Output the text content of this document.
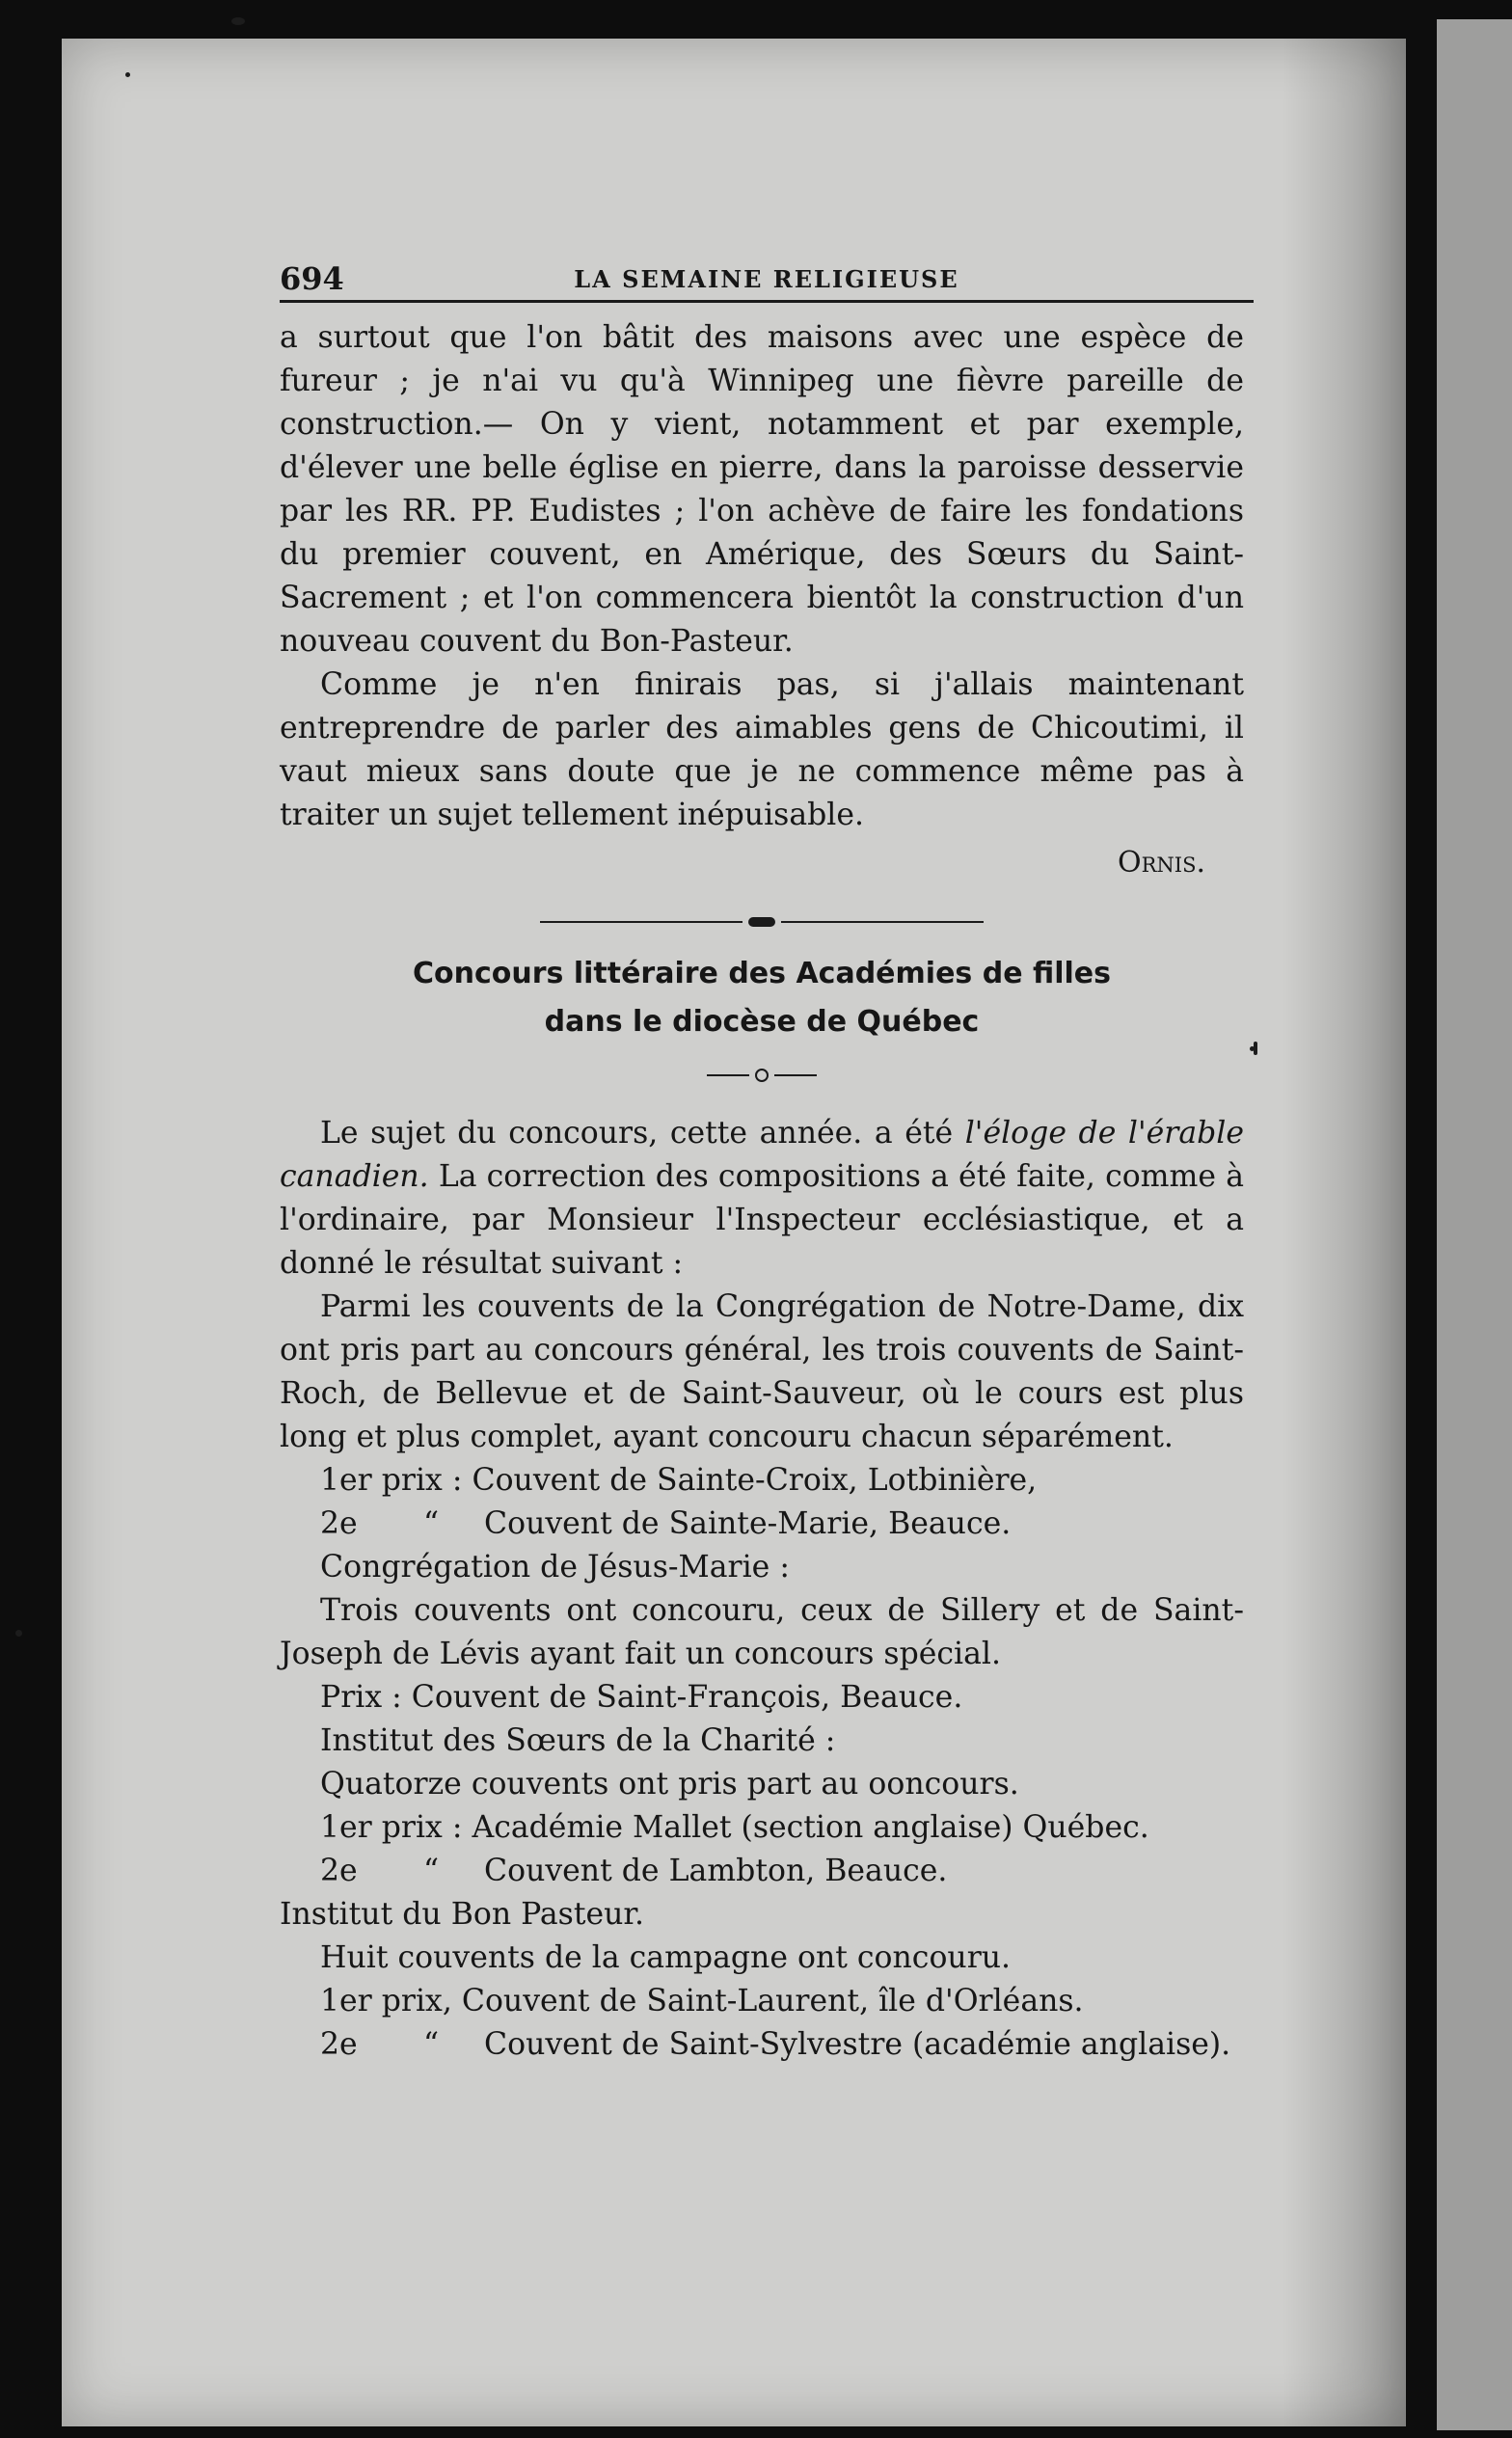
694	LA SEMAINE RELIGIEUSE

a surtout que l'on bâtit des maisons avec une espèce de fureur ; je n'ai vu qu'à Winnipeg une fièvre pareille de construction.— On y vient, notamment et par exemple, d'élever une belle église en pierre, dans la paroisse desservie par les RR. PP. Eudistes ; l'on achève de faire les fondations du premier couvent, en Amérique, des Sœurs du Saint-Sacrement ; et l'on commencera bientôt la construction d'un nouveau couvent du Bon-Pasteur.

Comme je n'en finirais pas, si j'allais maintenant entreprendre de parler des aimables gens de Chicoutimi, il vaut mieux sans doute que je ne commence même pas à traiter un sujet tellement inépuisable.

Ornis.
Concours littéraire des Académies de filles
dans le diocèse de Québec

Le sujet du concours, cette année. a été l'éloge de l'érable canadien. La correction des compositions a été faite, comme à l'ordinaire, par Monsieur l'Inspecteur ecclésiastique, et a donné le résultat suivant :

Parmi les couvents de la Congrégation de Notre-Dame, dix ont pris part au concours général, les trois couvents de Saint-Roch, de Bellevue et de Saint-Sauveur, où le cours est plus long et plus complet, ayant concouru chacun séparément.

1er prix : Couvent de Sainte-Croix, Lotbinière,

2e “ Couvent de Sainte-Marie, Beauce.

Congrégation de Jésus-Marie :

Trois couvents ont concouru, ceux de Sillery et de Saint-Joseph de Lévis ayant fait un concours spécial.

Prix : Couvent de Saint-François, Beauce.

Institut des Sœurs de la Charité :

Quatorze couvents ont pris part au ooncours.

1er prix : Académie Mallet (section anglaise) Québec.

2e “ Couvent de Lambton, Beauce.

Institut du Bon Pasteur.

Huit couvents de la campagne ont concouru.

1er prix, Couvent de Saint-Laurent, île d'Orléans.

2e “ Couvent de Saint-Sylvestre (académie anglaise).
